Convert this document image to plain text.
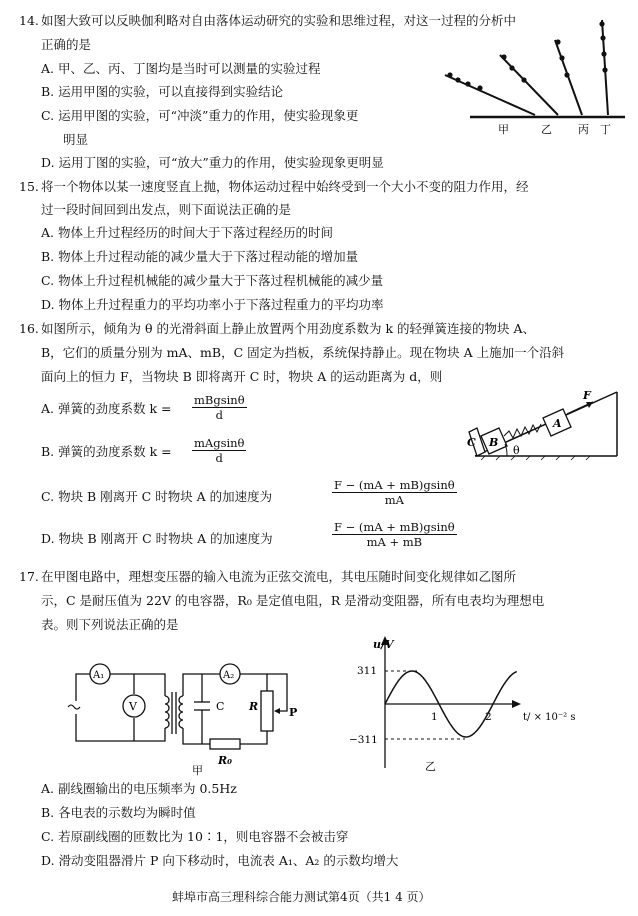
14. 如图大致可以反映伽利略对自由落体运动研究的实验和思维过程，对这一过程的分析中
正确的是
A. 甲、乙、丙、丁图均是当时可以测量的实验过程
B. 运用甲图的实验，可以直接得到实验结论
C. 运用甲图的实验，可“冲淡”重力的作用，使实验现象更
明显
D. 运用丁图的实验，可“放大”重力的作用，使实验现象更明显
甲	乙 丙 丁
15. 将一个物体以某一速度竖直上抛，物体运动过程中始终受到一个大小不变的阻力作用，经
过一段时间回到出发点，则下面说法正确的是
A. 物体上升过程经历的时间大于下落过程经历的时间
B. 物体上升过程动能的减少量大于下落过程动能的增加量
C. 物体上升过程机械能的减少量大于下落过程机械能的减少量
D. 物体上升过程重力的平均功率小于下落过程重力的平均功率
16. 如图所示，倾角为 θ 的光滑斜面上静止放置两个用劲度系数为 k 的轻弹簧连接的物块 A、
B，它们的质量分别为 mA、mB，C 固定为挡板，系统保持静止。现在物块 A 上施加一个沿斜
面向上的恒力 F，当物块 B 即将离开 C 时，物块 A 的运动距离为 d，则
A. 弹簧的劲度系数 k =
mBgsinθ
d
B. 弹簧的劲度系数 k =
mAgsinθ
d
C. 物块 B 刚离开 C 时物块 A 的加速度为	$\frac{F - (mA + mB)gsin\theta}{mA}$
D. 物块 B 刚离开 C 时物块 A 的加速度为	$\frac{F - (mA + mB)gsin\theta}{mA + mB}$
F
A
B
C
θ
17. 在甲图电路中，理想变压器的输入电流为正弦交流电，其电压随时间变化规律如乙图所
示，C 是耐压值为 22V 的电容器，R₀ 是定值电阻，R 是滑动变阻器，所有电表均为理想电
表。则下列说法正确的是
A₁
V
A₂
C R	P
R₀
甲
u/V
311
−311
1	2	t/ × 10⁻² s
乙
A. 副线圈输出的电压频率为 0.5Hz
B. 各电表的示数均为瞬时值
C. 若原副线圈的匝数比为 10∶1，则电容器不会被击穿
D. 滑动变阻器滑片 P 向下移动时，电流表 A₁、A₂ 的示数均增大
蚌埠市高三理科综合能力测试第4页（共1 4 页）
